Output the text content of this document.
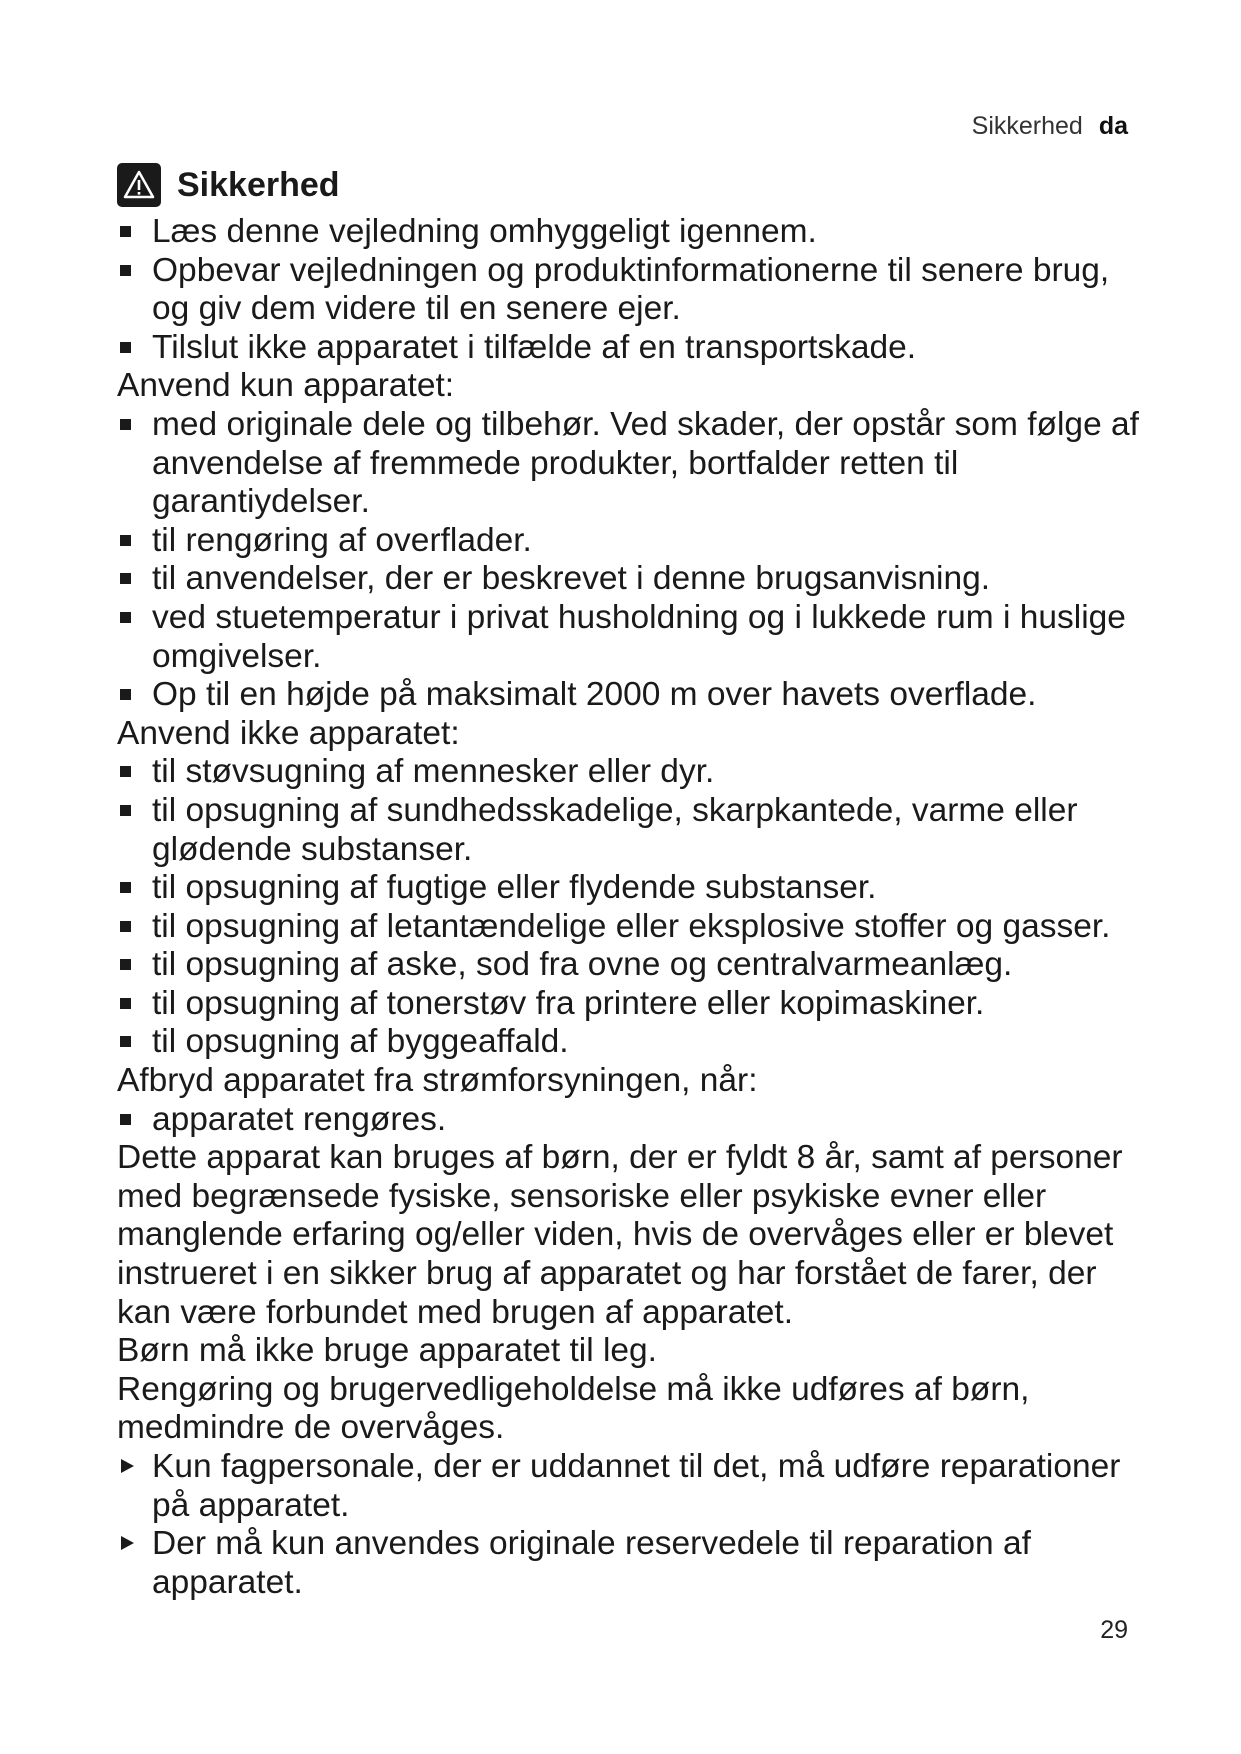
Sikkerhed da
Sikkerhed
Læs denne vejledning omhyggeligt igennem.
Opbevar vejledningen og produktinformationerne til senere brug, og giv dem videre til en senere ejer.
Tilslut ikke apparatet i tilfælde af en transportskade.

Anvend kun apparatet:

med originale dele og tilbehør. Ved skader, der opstår som følge af anvendelse af fremmede produkter, bortfalder retten til garantiydelser.
til rengøring af overflader.
til anvendelser, der er beskrevet i denne brugsanvisning.
ved stuetemperatur i privat husholdning og i lukkede rum i huslige omgivelser.
Op til en højde på maksimalt 2000 m over havets overflade.

Anvend ikke apparatet:

til støvsugning af mennesker eller dyr.
til opsugning af sundhedsskadelige, skarpkantede, varme eller glødende substanser.
til opsugning af fugtige eller flydende substanser.
til opsugning af letantændelige eller eksplosive stoffer og gasser.
til opsugning af aske, sod fra ovne og centralvarmeanlæg.
til opsugning af tonerstøv fra printere eller kopimaskiner.
til opsugning af byggeaffald.

Afbryd apparatet fra strømforsyningen, når:

apparatet rengøres.

Dette apparat kan bruges af børn, der er fyldt 8 år, samt af personer med begrænsede fysiske, sensoriske eller psykiske evner eller manglende erfaring og/eller viden, hvis de overvåges eller er blevet instrueret i en sikker brug af apparatet og har forstået de farer, der kan være forbundet med brugen af apparatet.

Børn må ikke bruge apparatet til leg.

Rengøring og brugervedligeholdelse må ikke udføres af børn, medmindre de overvåges.

Kun fagpersonale, der er uddannet til det, må udføre reparationer på apparatet.
Der må kun anvendes originale reservedele til reparation af apparatet.
29
